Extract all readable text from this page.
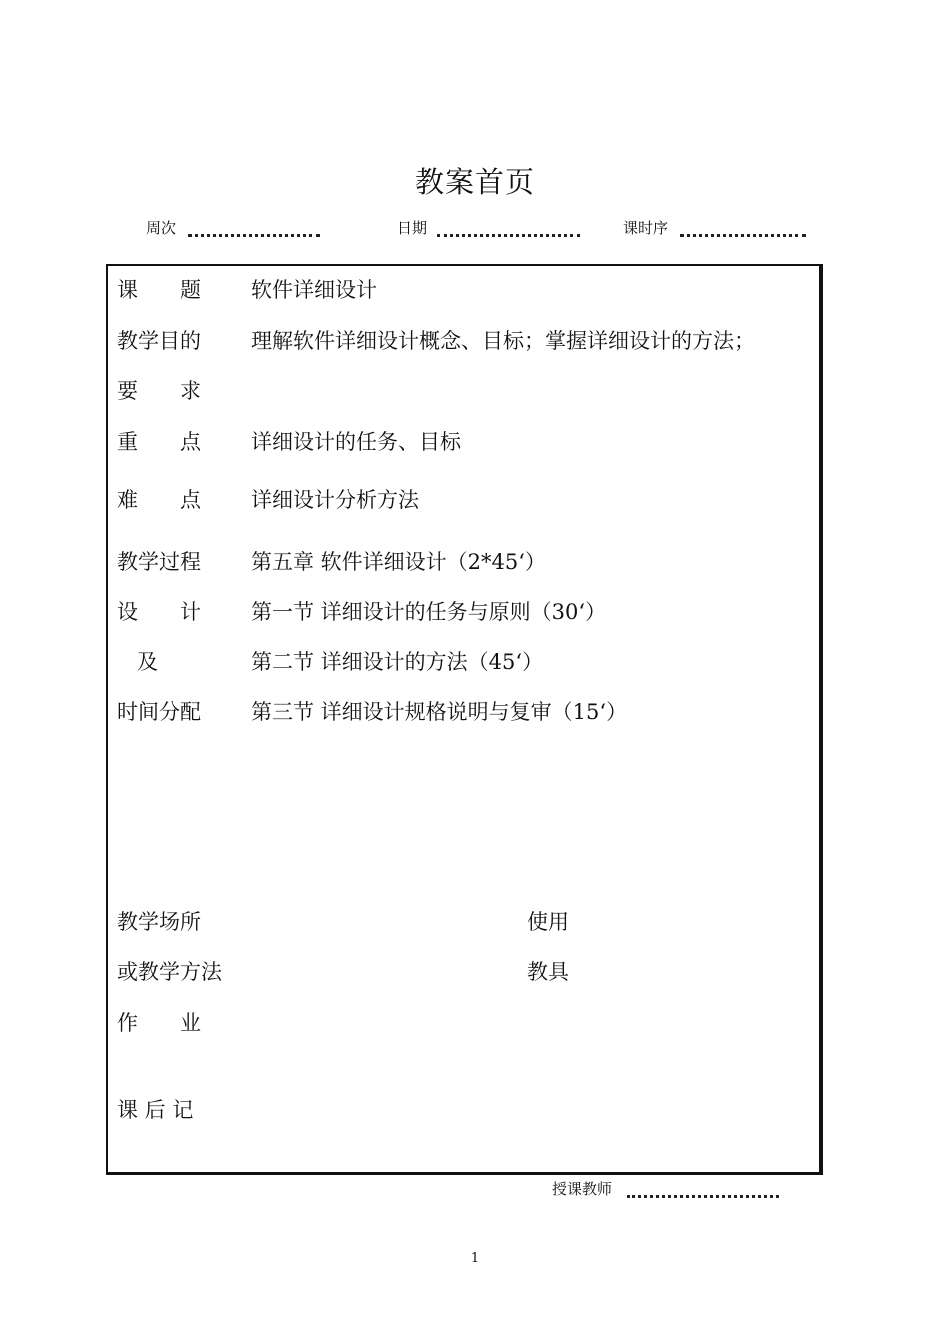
教案首页
周次	日期	课时序
课　　题 软件详细设计
教学目的 理解软件详细设计概念、目标；掌握详细设计的方法；
要　　求
重　　点 详细设计的任务、目标
难　　点 详细设计分析方法
教学过程
设　　计
及
时间分配
第五章 软件详细设计（2*45‘）
第一节 详细设计的任务与原则（30‘）
第二节 详细设计的方法（45‘）
第三节 详细设计规格说明与复审（15‘）
教学场所
或教学方法
使用
教具
作　　业
课 后 记
授课教师
1
